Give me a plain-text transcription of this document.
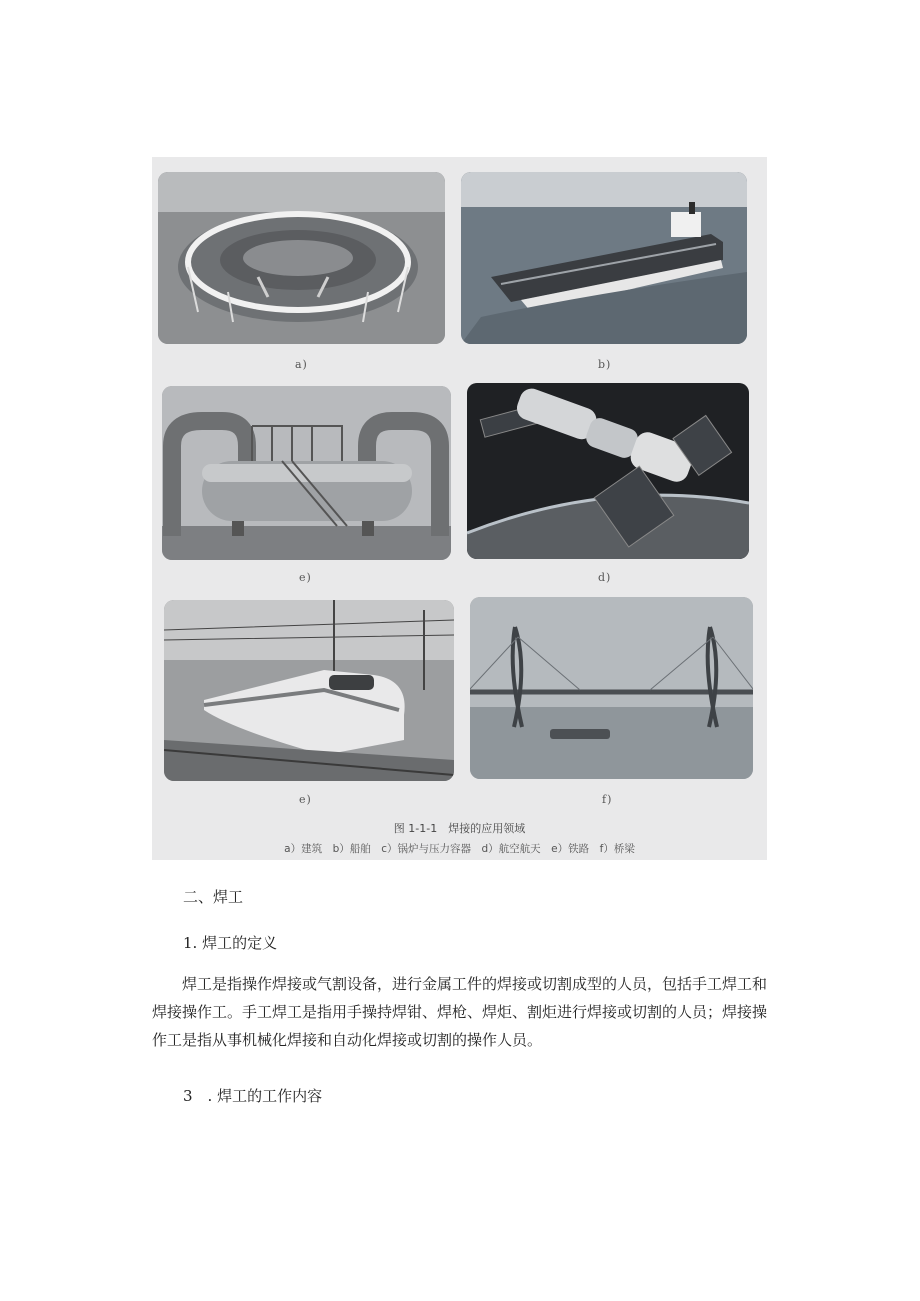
a)	b)
e)	d)
e)	f)
图 1-1-1　焊接的应用领域
a）建筑　b）船舶　c）锅炉与压力容器　d）航空航天　e）铁路　f）桥梁
二、焊工
1. 焊工的定义
焊工是指操作焊接或气割设备，进行金属工件的焊接或切割成型的人员，包括手工焊工和焊接操作工。手工焊工是指用手操持焊钳、焊枪、焊炬、割炬进行焊接或切割的人员；焊接操作工是指从事机械化焊接和自动化焊接或切割的操作人员。
3　. 焊工的工作内容
